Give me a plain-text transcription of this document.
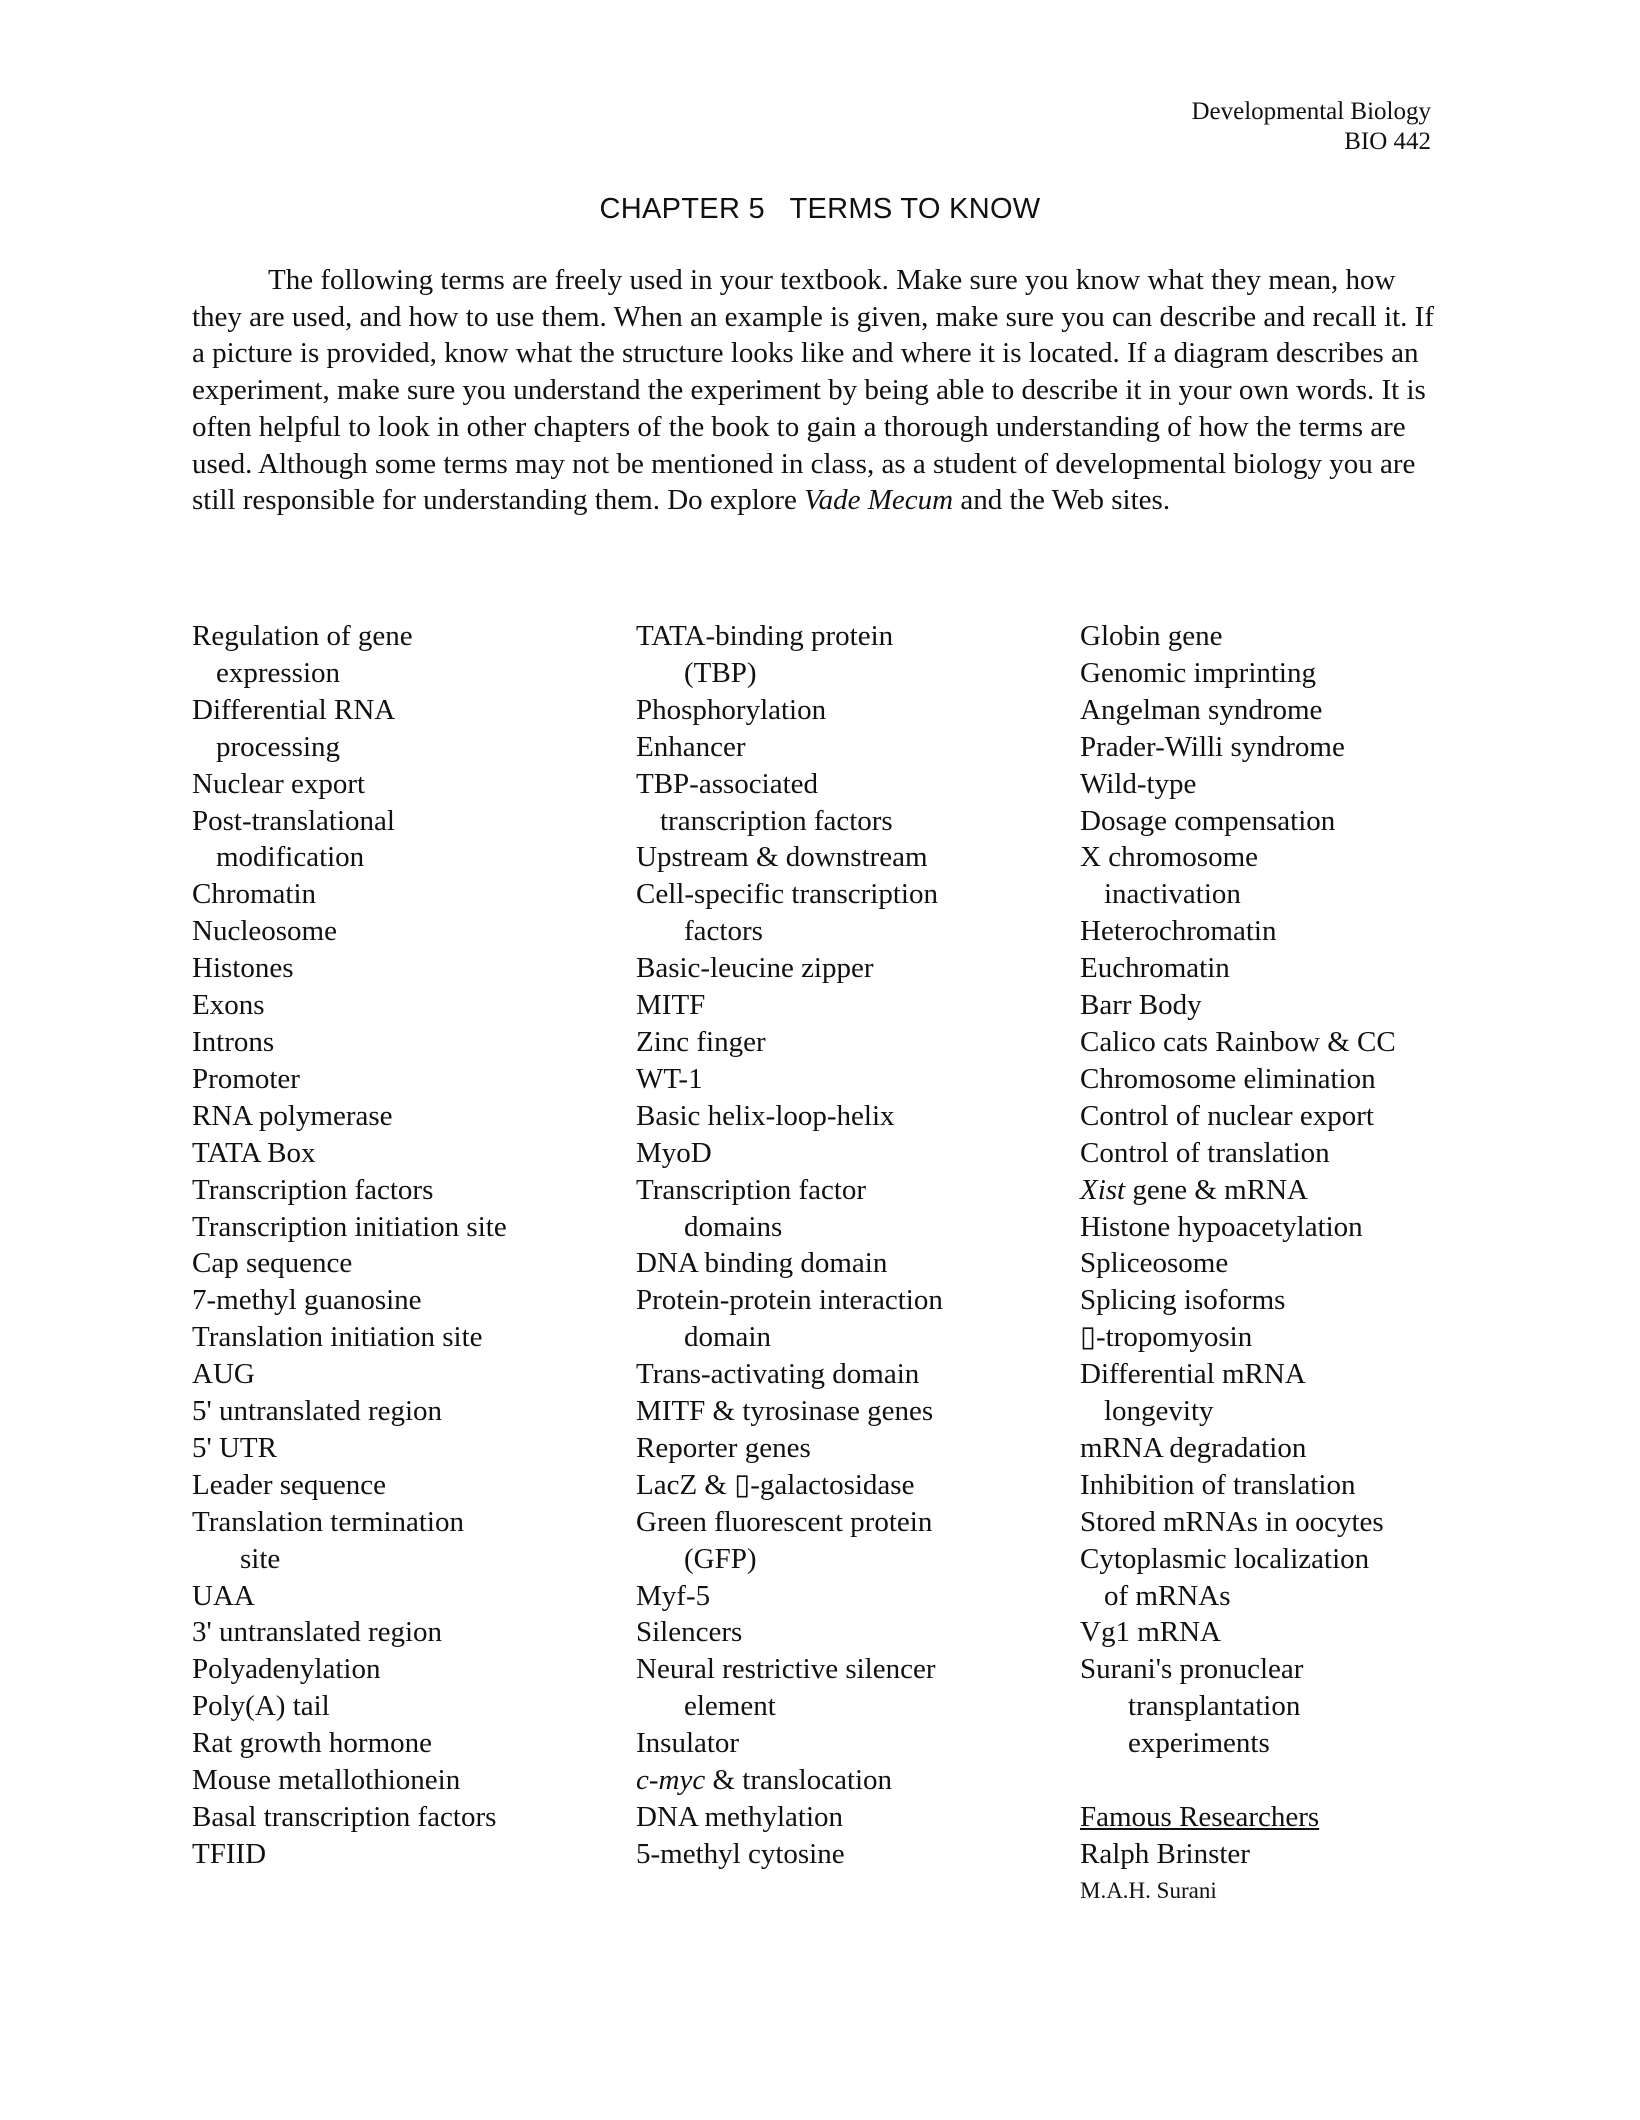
Developmental Biology
BIO 442
CHAPTER 5   TERMS TO KNOW

The following terms are freely used in your textbook. Make sure you know what they mean, how they are used, and how to use them. When an example is given, make sure you can describe and recall it. If a picture is provided, know what the structure looks like and where it is located. If a diagram describes an experiment, make sure you understand the experiment by being able to describe it in your own words. It is often helpful to look in other chapters of the book to gain a thorough understanding of how the terms are used. Although some terms may not be mentioned in class, as a student of developmental biology you are still responsible for understanding them. Do explore Vade Mecum and the Web sites.

Regulation of gene
expression
Differential RNA
processing
Nuclear export
Post-translational
modification
Chromatin
Nucleosome
Histones
Exons
Introns
Promoter
RNA polymerase
TATA Box
Transcription factors
Transcription initiation site
Cap sequence
7-methyl guanosine
Translation initiation site
AUG
5' untranslated region
5' UTR
Leader sequence
Translation termination
site
UAA
3' untranslated region
Polyadenylation
Poly(A) tail
Rat growth hormone
Mouse metallothionein
Basal transcription factors
TFIID
TATA-binding protein
(TBP)
Phosphorylation
Enhancer
TBP-associated
transcription factors
Upstream & downstream
Cell-specific transcription
factors
Basic-leucine zipper
MITF
Zinc finger
WT-1
Basic helix-loop-helix
MyoD
Transcription factor
domains
DNA binding domain
Protein-protein interaction
domain
Trans-activating domain
MITF & tyrosinase genes
Reporter genes
LacZ & ▯-galactosidase
Green fluorescent protein
(GFP)
Myf-5
Silencers
Neural restrictive silencer
element
Insulator
c-myc & translocation
DNA methylation
5-methyl cytosine
Globin gene
Genomic imprinting
Angelman syndrome
Prader-Willi syndrome
Wild-type
Dosage compensation
X chromosome
inactivation
Heterochromatin
Euchromatin
Barr Body
Calico cats Rainbow & CC
Chromosome elimination
Control of nuclear export
Control of translation
Xist gene & mRNA
Histone hypoacetylation
Spliceosome
Splicing isoforms
▯-tropomyosin
Differential mRNA
longevity
mRNA degradation
Inhibition of translation
Stored mRNAs in oocytes
Cytoplasmic localization
of mRNAs
Vg1 mRNA
Surani's pronuclear
transplantation
experiments
Famous Researchers
Ralph Brinster
M.A.H. Surani
